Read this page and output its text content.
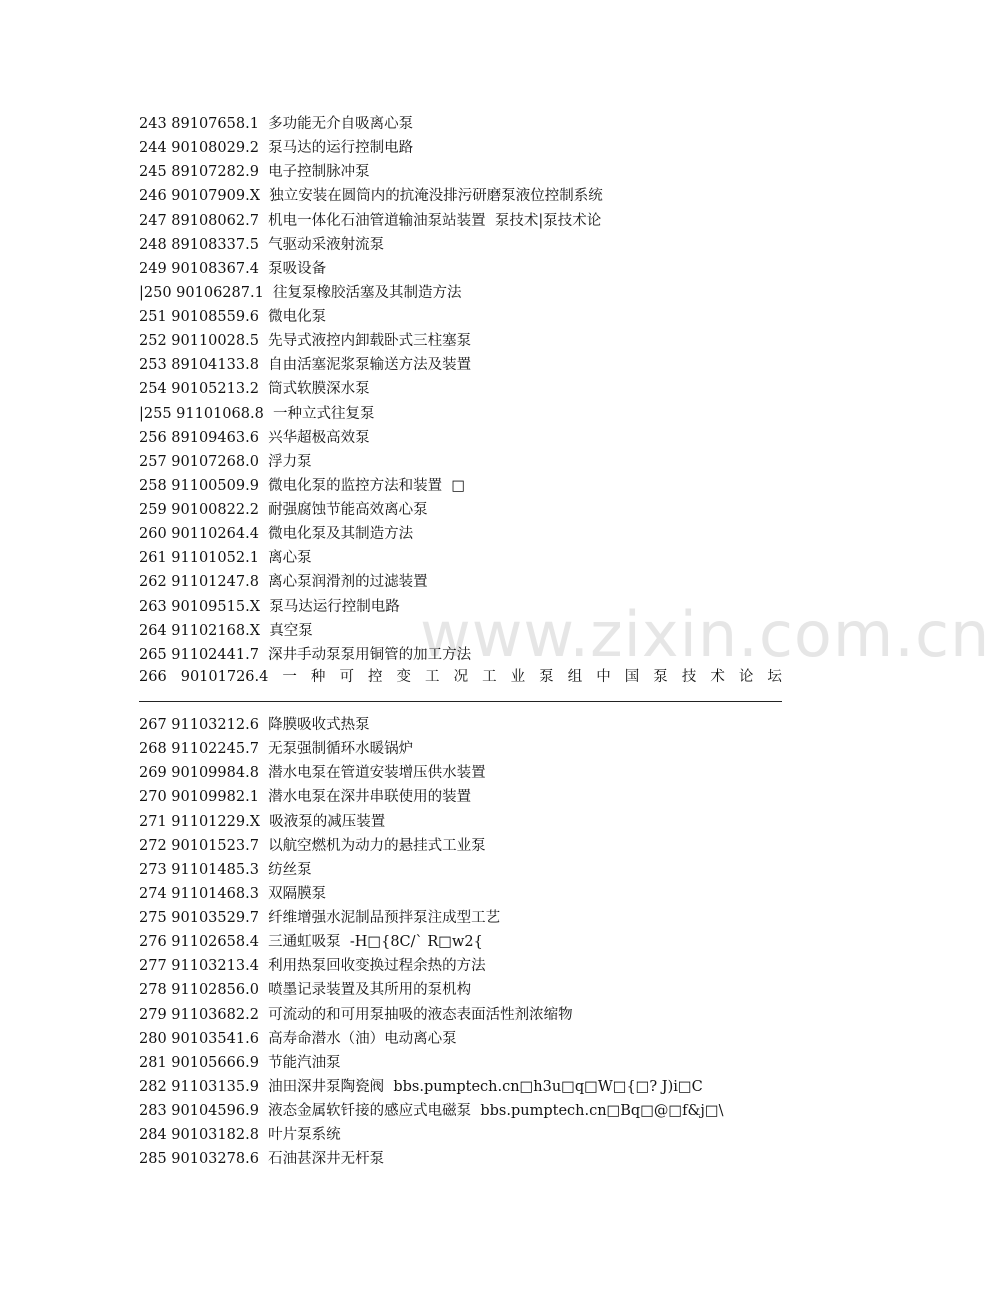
www.zixin.com.cn
243 89107658.1  多功能无介自吸离心泵
244 90108029.2  泵马达的运行控制电路
245 89107282.9  电子控制脉冲泵
246 90107909.X  独立安装在圆筒内的抗淹没排污研磨泵液位控制系统
247 89108062.7  机电一体化石油管道输油泵站装置  泵技术|泵技术论
248 89108337.5  气驱动采液射流泵
249 90108367.4  泵吸设备
|250 90106287.1  往复泵橡胶活塞及其制造方法
251 90108559.6  微电化泵
252 90110028.5  先导式液控内卸载卧式三柱塞泵
253 89104133.8  自由活塞泥浆泵输送方法及装置
254 90105213.2  筒式软膜深水泵
|255 91101068.8  一种立式往复泵
256 89109463.6  兴华超极高效泵
257 90107268.0  浮力泵
258 91100509.9  微电化泵的监控方法和装置  □
259 90100822.2  耐强腐蚀节能高效离心泵
260 90110264.4  微电化泵及其制造方法
261 91101052.1  离心泵
262 91101247.8  离心泵润滑剂的过滤装置
263 90109515.X  泵马达运行控制电路
264 91102168.X  真空泵
265 91102441.7  深井手动泵泵用铜管的加工方法
266 90101726.4 一 种 可 控 变 工 况 工 业 泵 组 中 国 泵 技 术 论 坛
267 91103212.6  降膜吸收式热泵
268 91102245.7  无泵强制循环水暖锅炉
269 90109984.8  潜水电泵在管道安装增压供水装置
270 90109982.1  潜水电泵在深井串联使用的装置
271 91101229.X  吸液泵的减压装置
272 90101523.7  以航空燃机为动力的悬挂式工业泵
273 91101485.3  纺丝泵
274 91101468.3  双隔膜泵
275 90103529.7  纤维增强水泥制品预拌泵注成型工艺
276 91102658.4  三通虹吸泵  -H□{8C/` R□w2{
277 91103213.4  利用热泵回收变换过程余热的方法
278 91102856.0  喷墨记录装置及其所用的泵机构
279 91103682.2  可流动的和可用泵抽吸的液态表面活性剂浓缩物
280 90103541.6  高寿命潜水（油）电动离心泵
281 90105666.9  节能汽油泵
282 91103135.9  油田深井泵陶瓷阀  bbs.pumptech.cn□h3u□q□W□{□? J)i□C
283 90104596.9  液态金属软钎接的感应式电磁泵  bbs.pumptech.cn□Bq□@□f&j□\
284 90103182.8  叶片泵系统
285 90103278.6  石油甚深井无杆泵
